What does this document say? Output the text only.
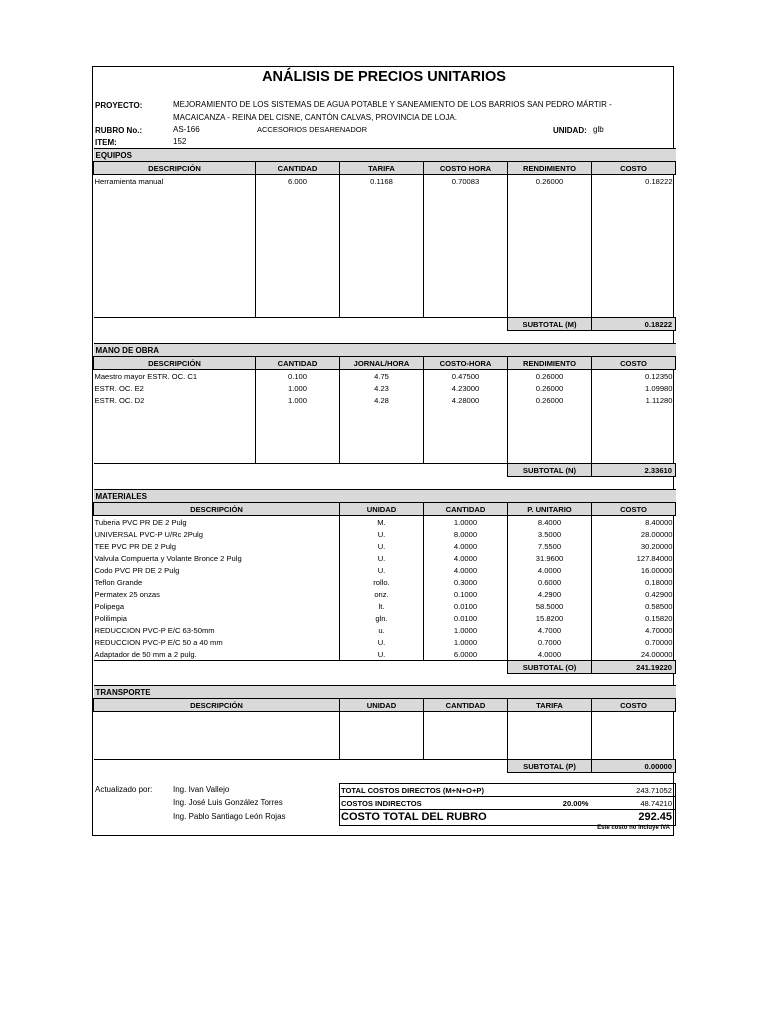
ANÁLISIS DE PRECIOS UNITARIOS
PROYECTO:	MEJORAMIENTO DE LOS SISTEMAS DE AGUA POTABLE Y SANEAMIENTO DE LOS BARRIOS SAN PEDRO MÁRTIR -
MACAICANZA - REINA DEL CISNE, CANTÓN CALVAS, PROVINCIA DE LOJA.
RUBRO No.:	AS-166	ACCESORIOS DESARENADOR	UNIDAD: glb
ITEM:	152
EQUIPOS					
DESCRIPCIÓN	CANTIDAD	TARIFA	COSTO HORA	RENDIMIENTO	COSTO
Herramienta manual	6.000	0.1168	0.70083	0.26000	0.18222

				SUBTOTAL (M)	0.18222
MANO DE OBRA					
DESCRIPCIÓN	CANTIDAD	JORNAL/HORA	COSTO-HORA	RENDIMIENTO	COSTO
Maestro mayor ESTR. OC. C1	0.100	4.75	0.47500	0.26000	0.12350
ESTR. OC. E2	1.000	4.23	4.23000	0.26000	1.09980
ESTR. OC. D2	1.000	4.28	4.28000	0.26000	1.11280

				SUBTOTAL (N)	2.33610
MATERIALES				
DESCRIPCIÓN	UNIDAD	CANTIDAD	P. UNITARIO	COSTO
Tuberia PVC PR DE 2 Pulg	M.	1.0000	8.4000	8.40000
UNIVERSAL PVC-P U/Rc 2Pulg	U.	8.0000	3.5000	28.00000
TEE PVC PR DE 2 Pulg	U.	4.0000	7.5500	30.20000
Valvula Compuerta y Volante Bronce 2 Pulg	U.	4.0000	31.9600	127.84000
Codo PVC PR DE 2 Pulg	U.	4.0000	4.0000	16.00000
Teflon Grande	rollo.	0.3000	0.6000	0.18000
Permatex 25 onzas	onz.	0.1000	4.2900	0.42900
Polipega	lt.	0.0100	58.5000	0.58500
Polilimpia	gln.	0.0100	15.8200	0.15820
REDUCCION PVC-P E/C 63-50mm	u.	1.0000	4.7000	4.70000
REDUCCION PVC-P E/C 50 a 40 mm	U.	1.0000	0.7000	0.70000
Adaptador de 50 mm a 2 pulg.	U.	6.0000	4.0000	24.00000
			SUBTOTAL (O)	241.19220
TRANSPORTE				
DESCRIPCIÓN	UNIDAD	CANTIDAD	TARIFA	COSTO

			SUBTOTAL (P)	0.00000
Actualizado por:	Ing. Ivan Vallejo
Ing. José Luis González Torres
Ing. Pablo Santiago León Rojas
TOTAL COSTOS DIRECTOS (M+N+O+P)		243.71052
COSTOS INDIRECTOS	20.00%	48.74210
COSTO TOTAL DEL RUBRO		292.45
Este costo no incluye IVA
